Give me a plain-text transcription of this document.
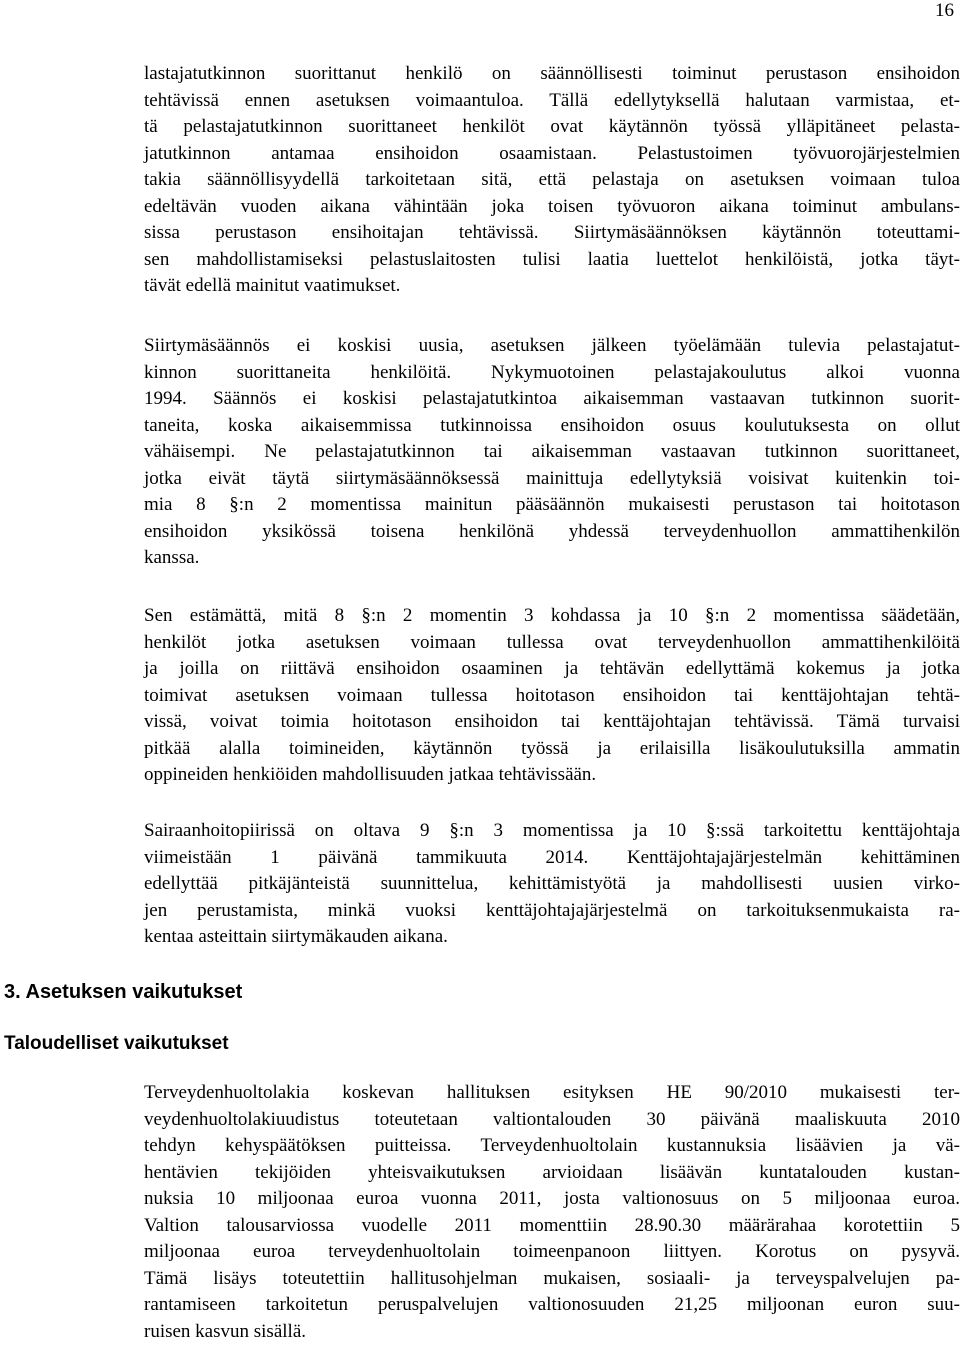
16
lastajatutkinnon suorittanut henkilö on säännöllisesti toiminut perustason ensihoidon
tehtävissä ennen asetuksen voimaantuloa. Tällä edellytyksellä halutaan varmistaa, et-
tä pelastajatutkinnon suorittaneet henkilöt ovat käytännön työssä ylläpitäneet pelasta-
jatutkinnon antamaa ensihoidon osaamistaan. Pelastustoimen työvuorojärjestelmien
takia säännöllisyydellä tarkoitetaan sitä, että pelastaja on asetuksen voimaan tuloa
edeltävän vuoden aikana vähintään joka toisen työvuoron aikana toiminut ambulans-
sissa perustason ensihoitajan tehtävissä. Siirtymäsäännöksen käytännön toteuttami-
sen mahdollistamiseksi pelastuslaitosten tulisi laatia luettelot henkilöistä, jotka täyt-
tävät edellä mainitut vaatimukset.
Siirtymäsäännös ei koskisi uusia, asetuksen jälkeen työelämään tulevia pelastajatut-
kinnon suorittaneita henkilöitä. Nykymuotoinen pelastajakoulutus alkoi vuonna
1994. Säännös ei koskisi pelastajatutkintoa aikaisemman vastaavan tutkinnon suorit-
taneita, koska aikaisemmissa tutkinnoissa ensihoidon osuus koulutuksesta on ollut
vähäisempi. Ne pelastajatutkinnon tai aikaisemman vastaavan tutkinnon suorittaneet,
jotka eivät täytä siirtymäsäännöksessä mainittuja edellytyksiä voisivat kuitenkin toi-
mia 8 §:n 2 momentissa mainitun pääsäännön mukaisesti perustason tai hoitotason
ensihoidon yksikössä toisena henkilönä yhdessä terveydenhuollon ammattihenkilön
kanssa.
Sen estämättä, mitä 8 §:n 2 momentin 3 kohdassa ja 10 §:n 2 momentissa säädetään,
henkilöt jotka asetuksen voimaan tullessa ovat terveydenhuollon ammattihenkilöitä
ja joilla on riittävä ensihoidon osaaminen ja tehtävän edellyttämä kokemus ja jotka
toimivat asetuksen voimaan tullessa hoitotason ensihoidon tai kenttäjohtajan tehtä-
vissä, voivat toimia hoitotason ensihoidon tai kenttäjohtajan tehtävissä. Tämä turvaisi
pitkää alalla toimineiden, käytännön työssä ja erilaisilla lisäkoulutuksilla ammatin
oppineiden henkiöiden mahdollisuuden jatkaa tehtävissään.
Sairaanhoitopiirissä on oltava 9 §:n 3 momentissa ja 10 §:ssä tarkoitettu kenttäjohtaja
viimeistään 1 päivänä tammikuuta 2014. Kenttäjohtajajärjestelmän kehittäminen
edellyttää pitkäjänteistä suunnittelua, kehittämistyötä ja mahdollisesti uusien virko-
jen perustamista, minkä vuoksi kenttäjohtajajärjestelmä on tarkoituksenmukaista ra-
kentaa asteittain siirtymäkauden aikana.
3. Asetuksen vaikutukset
Taloudelliset vaikutukset
Terveydenhuoltolakia koskevan hallituksen esityksen HE 90/2010 mukaisesti ter-
veydenhuoltolakiuudistus toteutetaan valtiontalouden 30 päivänä maaliskuuta 2010
tehdyn kehyspäätöksen puitteissa. Terveydenhuoltolain kustannuksia lisäävien ja vä-
hentävien tekijöiden yhteisvaikutuksen arvioidaan lisäävän kuntatalouden kustan-
nuksia 10 miljoonaa euroa vuonna 2011, josta valtionosuus on 5 miljoonaa euroa.
Valtion talousarviossa vuodelle 2011 momenttiin 28.90.30 määrärahaa korotettiin 5
miljoonaa euroa terveydenhuoltolain toimeenpanoon liittyen. Korotus on pysyvä.
Tämä lisäys toteutettiin hallitusohjelman mukaisen, sosiaali- ja terveyspalvelujen pa-
rantamiseen tarkoitetun peruspalvelujen valtionosuuden 21,25 miljoonan euron suu-
ruisen kasvun sisällä.
